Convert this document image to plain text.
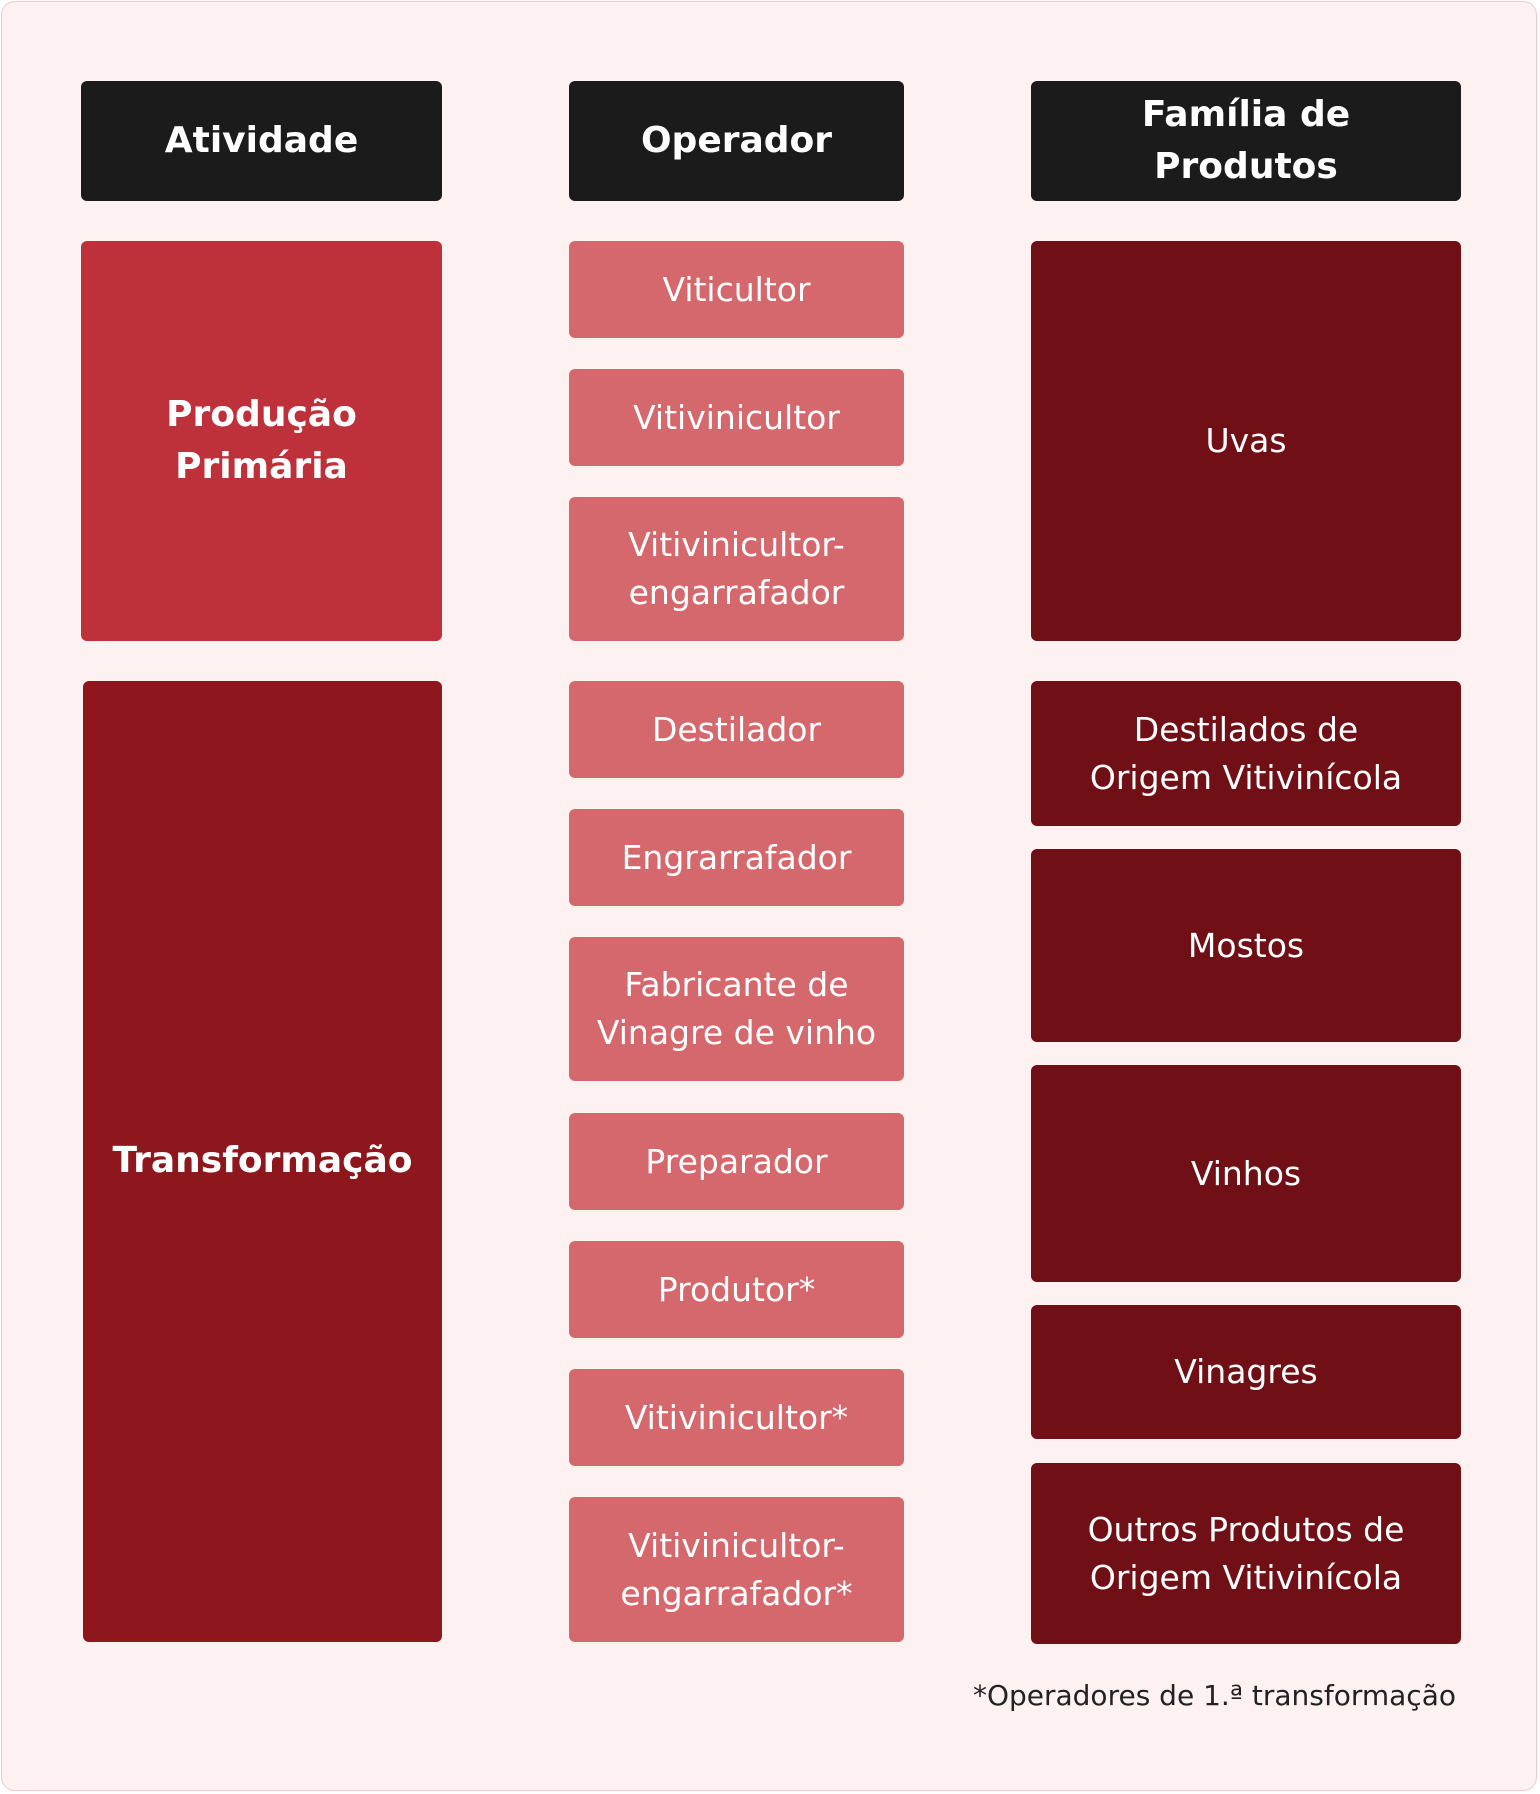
Atividade	Operador
Família de Produtos
Produção
Primária
Transformação
Viticultor
Vitivinicultor
Vitivinicultor-
engarrafador
Destilador
Engrarrafador
Fabricante de
Vinagre de vinho
Preparador
Produtor*
Vitivinicultor*
Vitivinicultor-
engarrafador*
Uvas
Destilados de
Origem Vitivinícola
Mostos
Vinhos
Vinagres
Outros Produtos de
Origem Vitivinícola
*Operadores de 1.ª transformação
